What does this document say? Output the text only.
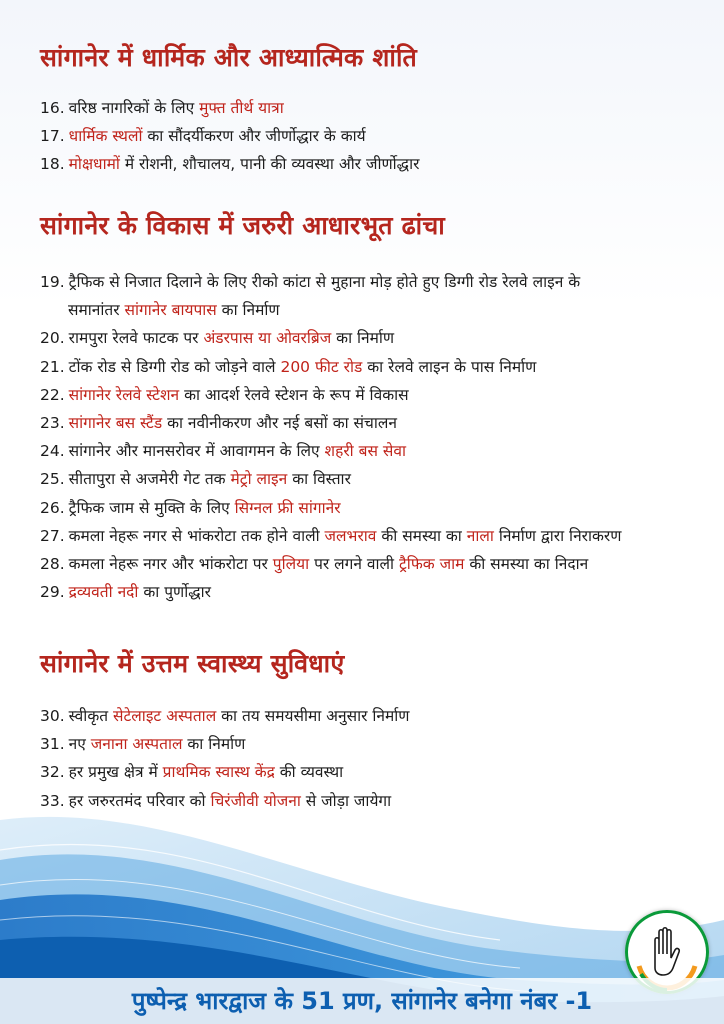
सांगानेर में धार्मिक और आध्यात्मिक शांति
16. वरिष्ठ नागरिकों के लिए मुफ्त तीर्थ यात्रा
17. धार्मिक स्थलों का सौंदर्यीकरण और जीर्णोद्धार के कार्य
18. मोक्षधामों में रोशनी, शौचालय, पानी की व्यवस्था और जीर्णोद्धार
सांगानेर के विकास में जरुरी आधारभूत ढांचा
19. ट्रैफिक से निजात दिलाने के लिए रीको कांटा से मुहाना मोड़ होते हुए डिग्गी रोड रेलवे लाइन के
समानांतर सांगानेर बायपास का निर्माण
20. रामपुरा रेलवे फाटक पर अंडरपास या ओवरब्रिज का निर्माण
21. टोंक रोड से डिग्गी रोड को जोड़ने वाले 200 फीट रोड का रेलवे लाइन के पास निर्माण
22. सांगानेर रेलवे स्टेशन का आदर्श रेलवे स्टेशन के रूप में विकास
23. सांगानेर बस स्टैंड का नवीनीकरण और नई बसों का संचालन
24. सांगानेर और मानसरोवर में आवागमन के लिए शहरी बस सेवा
25. सीतापुरा से अजमेरी गेट तक मेट्रो लाइन का विस्तार
26. ट्रैफिक जाम से मुक्ति के लिए सिग्नल फ्री सांगानेर
27. कमला नेहरू नगर से भांकरोटा तक होने वाली जलभराव की समस्या का नाला निर्माण द्वारा निराकरण
28. कमला नेहरू नगर और भांकरोटा पर पुलिया पर लगने वाली ट्रैफिक जाम की समस्या का निदान
29. द्रव्यवती नदी का पुर्णोद्धार
सांगानेर में उत्तम स्वास्थ्य सुविधाएं
30. स्वीकृत सेटेलाइट अस्पताल का तय समयसीमा अनुसार निर्माण
31. नए जनाना अस्पताल का निर्माण
32. हर प्रमुख क्षेत्र में प्राथमिक स्वास्थ केंद्र की व्यवस्था
33. हर जरुरतमंद परिवार को चिरंजीवी योजना से जोड़ा जायेगा
पुष्पेन्द्र भारद्वाज के 51 प्रण, सांगानेर बनेगा नंबर -1
